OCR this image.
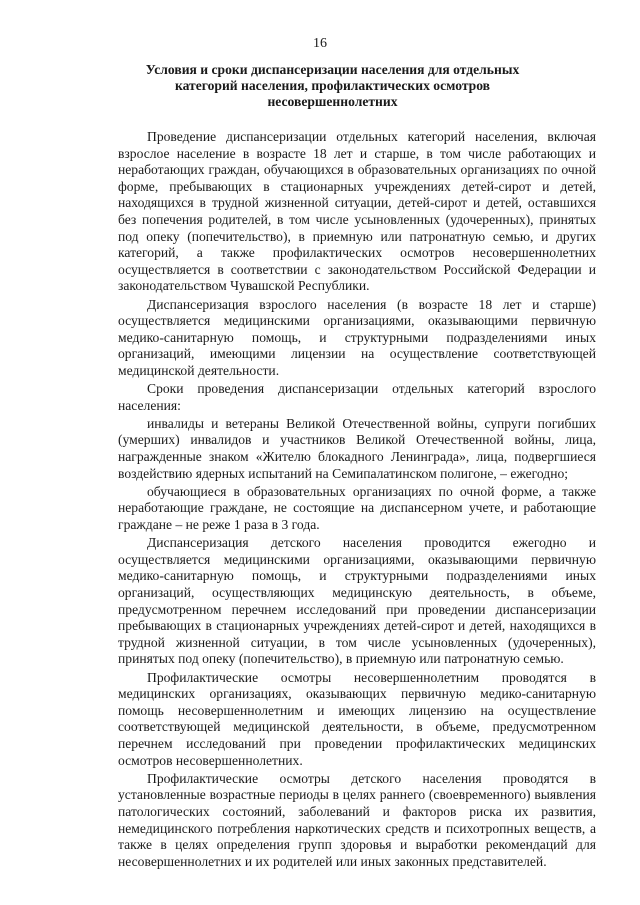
16
Условия и сроки диспансеризации населения для отдельных категорий населения, профилактических осмотров несовершеннолетних

Проведение диспансеризации отдельных категорий населения, включая взрослое население в возрасте 18 лет и старше, в том числе работающих и неработающих граждан, обучающихся в образовательных организациях по очной форме, пребывающих в стационарных учреждениях детей-сирот и детей, находящихся в трудной жизненной ситуации, детей-сирот и детей, оставшихся без попечения родителей, в том числе усыновленных (удочеренных), принятых под опеку (попечительство), в приемную или патронатную семью, и других категорий, а также профилактических осмотров несовершеннолетних осуществляется в соответствии с законодательством Российской Федерации и законодательством Чувашской Республики.

Диспансеризация взрослого населения (в возрасте 18 лет и старше) осуществляется медицинскими организациями, оказывающими первичную медико-санитарную помощь, и структурными подразделениями иных организаций, имеющими лицензии на осуществление соответствующей медицинской деятельности.

Сроки проведения диспансеризации отдельных категорий взрослого населения:

инвалиды и ветераны Великой Отечественной войны, супруги погибших (умерших) инвалидов и участников Великой Отечественной войны, лица, награжденные знаком «Жителю блокадного Ленинграда», лица, подвергшиеся воздействию ядерных испытаний на Семипалатинском полигоне, – ежегодно;

обучающиеся в образовательных организациях по очной форме, а также неработающие граждане, не состоящие на диспансерном учете, и работающие граждане – не реже 1 раза в 3 года.

Диспансеризация детского населения проводится ежегодно и осуществляется медицинскими организациями, оказывающими первичную медико-санитарную помощь, и структурными подразделениями иных организаций, осуществляющих медицинскую деятельность, в объеме, предусмотренном перечнем исследований при проведении диспансеризации пребывающих в стационарных учреждениях детей-сирот и детей, находящихся в трудной жизненной ситуации, в том числе усыновленных (удочеренных), принятых под опеку (попечительство), в приемную или патронатную семью.

Профилактические осмотры несовершеннолетним проводятся в медицинских организациях, оказывающих первичную медико-санитарную помощь несовершеннолетним и имеющих лицензию на осуществление соответствующей медицинской деятельности, в объеме, предусмотренном перечнем исследований при проведении профилактических медицинских осмотров несовершеннолетних.

Профилактические осмотры детского населения проводятся в установленные возрастные периоды в целях раннего (своевременного) выявления патологических состояний, заболеваний и факторов риска их развития, немедицинского потребления наркотических средств и психотропных веществ, а также в целях определения групп здоровья и выработки рекомендаций для несовершеннолетних и их родителей или иных законных представителей.
